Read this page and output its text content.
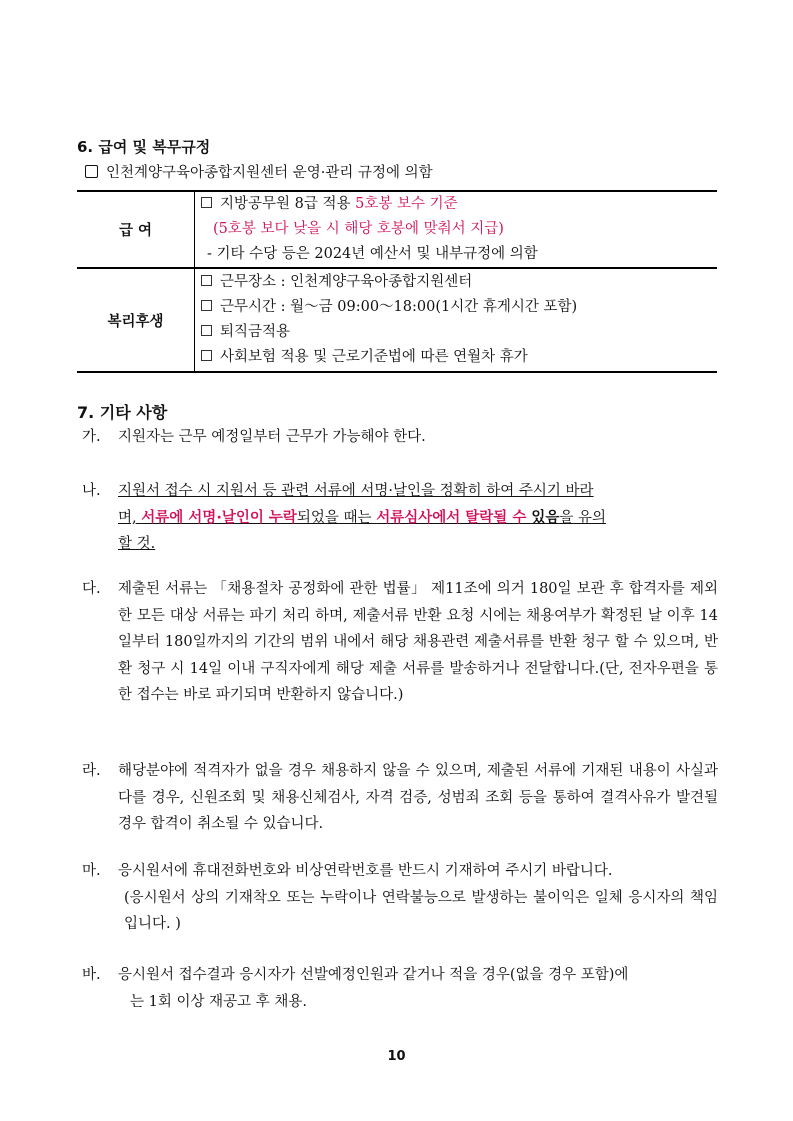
6. 급여 및 복무규정
인천계양구육아종합지원센터 운영·관리 규정에 의함
급 여	지방공무원 8급 적용 5호봉 보수 기준
(5호봉 보다 낮을 시 해당 호봉에 맞춰서 지급)
- 기타 수당 등은 2024년 예산서 및 내부규정에 의함

복리후생	근무장소 : 인천계양구육아종합지원센터
근무시간 : 월～금 09:00～18:00(1시간 휴게시간 포함)
퇴직금적용
사회보험 적용 및 근로기준법에 따른 연월차 휴가
7. 기타 사항
가.	지원자는 근무 예정일부터 근무가 가능해야 한다.
나.	지원서 접수 시 지원서 등 관련 서류에 서명·날인을 정확히 하여 주시기 바라
며, 서류에 서명·날인이 누락되었을 때는 서류심사에서 탈락될 수 있음을 유의
할 것.
다.	제출된 서류는 「채용절차 공정화에 관한 법률」 제11조에 의거 180일 보관 후 합격자를 제외한 모든 대상 서류는 파기 처리 하며, 제출서류 반환 요청 시에는 채용여부가 확정된 날 이후 14일부터 180일까지의 기간의 범위 내에서 해당 채용관련 제출서류를 반환 청구 할 수 있으며, 반환 청구 시 14일 이내 구직자에게 해당 제출 서류를 발송하거나 전달합니다.(단, 전자우편을 통한 접수는 바로 파기되며 반환하지 않습니다.)
라.	해당분야에 적격자가 없을 경우 채용하지 않을 수 있으며, 제출된 서류에 기재된 내용이 사실과 다를 경우, 신원조회 및 채용신체검사, 자격 검증, 성범죄 조회 등을 통하여 결격사유가 발견될 경우 합격이 취소될 수 있습니다.
마.	응시원서에 휴대전화번호와 비상연락번호를 반드시 기재하여 주시기 바랍니다.
(응시원서 상의 기재착오 또는 누락이나 연락불능으로 발생하는 불이익은 일체 응시자의 책임입니다. )
바.	응시원서 접수결과 응시자가 선발예정인원과 같거나 적을 경우(없을 경우 포함)에
는 1회 이상 재공고 후 채용.
10
